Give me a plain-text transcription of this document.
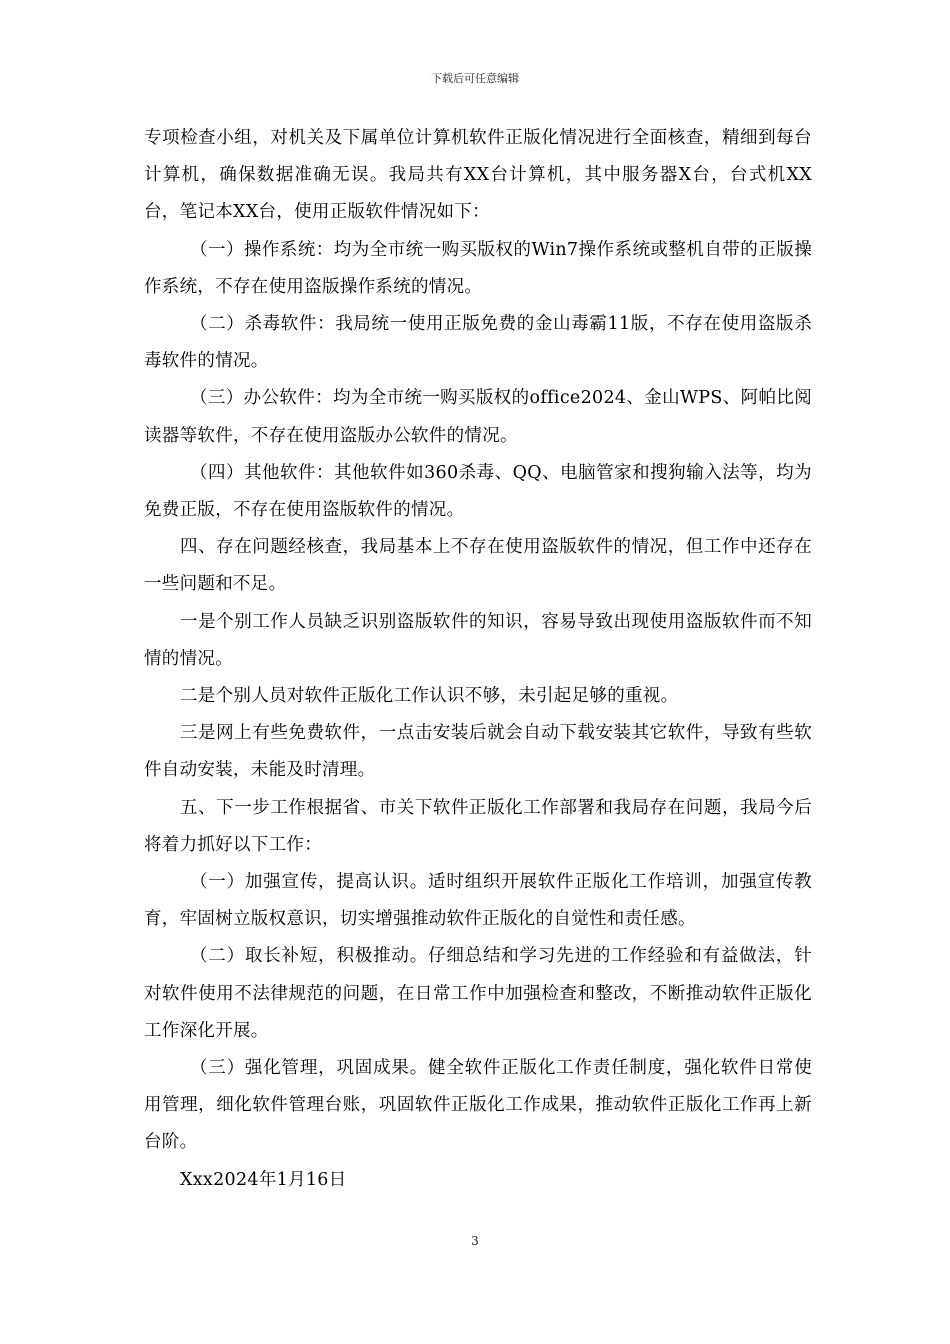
下载后可任意编辑

专项检查小组，对机关及下属单位计算机软件正版化情况进行全面核查，精细到每台计算机，确保数据准确无误。我局共有XX台计算机，其中服务器X台，台式机XX台，笔记本XX台，使用正版软件情况如下：

（一）操作系统：均为全市统一购买版权的Win7操作系统或整机自带的正版操作系统，不存在使用盗版操作系统的情况。

（二）杀毒软件：我局统一使用正版免费的金山毒霸11版，不存在使用盗版杀毒软件的情况。

（三）办公软件：均为全市统一购买版权的office2024、金山WPS、阿帕比阅读器等软件，不存在使用盗版办公软件的情况。

（四）其他软件：其他软件如360杀毒、QQ、电脑管家和搜狗输入法等，均为免费正版，不存在使用盗版软件的情况。

四、存在问题经核查，我局基本上不存在使用盗版软件的情况，但工作中还存在一些问题和不足。

一是个别工作人员缺乏识别盗版软件的知识，容易导致出现使用盗版软件而不知情的情况。

二是个别人员对软件正版化工作认识不够，未引起足够的重视。

三是网上有些免费软件，一点击安装后就会自动下载安装其它软件，导致有些软件自动安装，未能及时清理。

五、下一步工作根据省、市关下软件正版化工作部署和我局存在问题，我局今后将着力抓好以下工作：

（一）加强宣传，提高认识。适时组织开展软件正版化工作培训，加强宣传教育，牢固树立版权意识，切实增强推动软件正版化的自觉性和责任感。

（二）取长补短，积极推动。仔细总结和学习先进的工作经验和有益做法，针对软件使用不法律规范的问题，在日常工作中加强检查和整改，不断推动软件正版化工作深化开展。

（三）强化管理，巩固成果。健全软件正版化工作责任制度，强化软件日常使用管理，细化软件管理台账，巩固软件正版化工作成果，推动软件正版化工作再上新台阶。

Xxx2024年1月16日

3
